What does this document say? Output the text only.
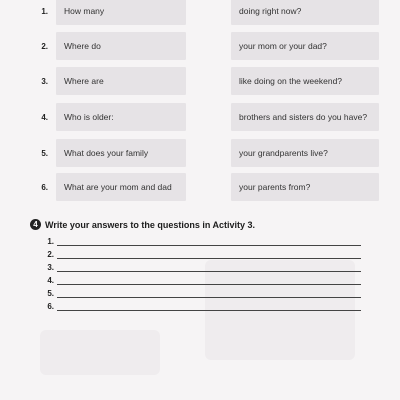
1. How many	doing right now?
2. Where do	your mom or your dad?
3. Where are	like doing on the weekend?
4. Who is older:	brothers and sisters do you have?
5. What does your family	your grandparents live?
6. What are your mom and dad	your parents from?
4 Write your answers to the questions in Activity 3.
1.
2.
3.
4.
5.
6.
